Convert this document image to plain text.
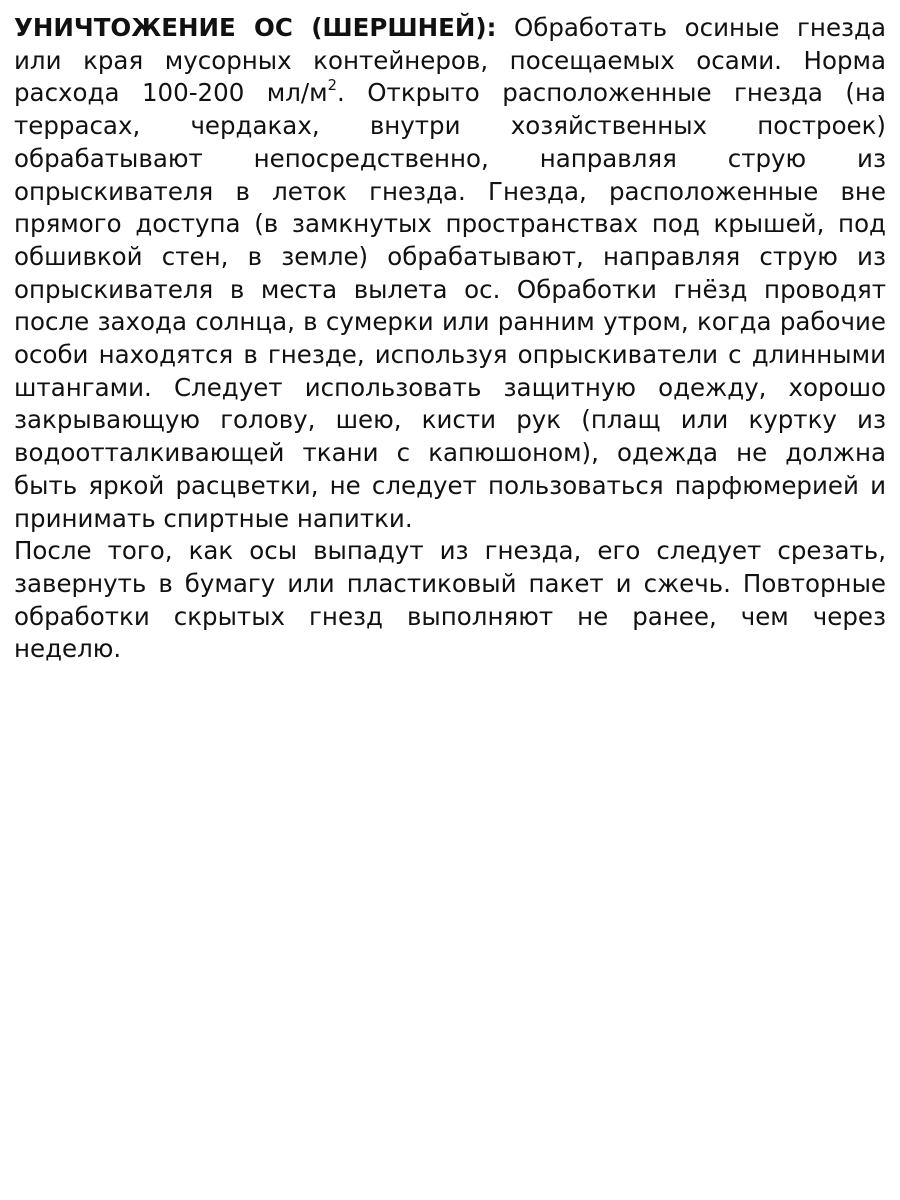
УНИЧТОЖЕНИЕ ОС (ШЕРШНЕЙ): Обработать осиные гнезда или края мусорных контейнеров, посещаемых осами. Норма расхода 100-200 $мл/м^2$. Открыто расположенные гнезда (на террасах, чердаках, внутри хозяйственных построек) обрабатывают непосредственно, направляя струю из опрыскивателя в леток гнезда. Гнезда, расположенные вне прямого доступа (в замкнутых пространствах под крышей, под обшивкой стен, в земле) обрабатывают, направляя струю из опрыскивателя в места вылета ос. Обработки гнёзд проводят после захода солнца, в сумерки или ранним утром, когда рабочие особи находятся в гнезде, используя опрыскиватели с длинными штангами. Следует использовать защитную одежду, хорошо закрывающую голову, шею, кисти рук (плащ или куртку из водоотталкивающей ткани с капюшоном), одежда не должна быть яркой расцветки, не следует пользоваться парфюмерией и принимать спиртные напитки.

После того, как осы выпадут из гнезда, его следует срезать, завернуть в бумагу или пластиковый пакет и сжечь. Повторные обработки скрытых гнезд выполняют не ранее, чем через неделю.
